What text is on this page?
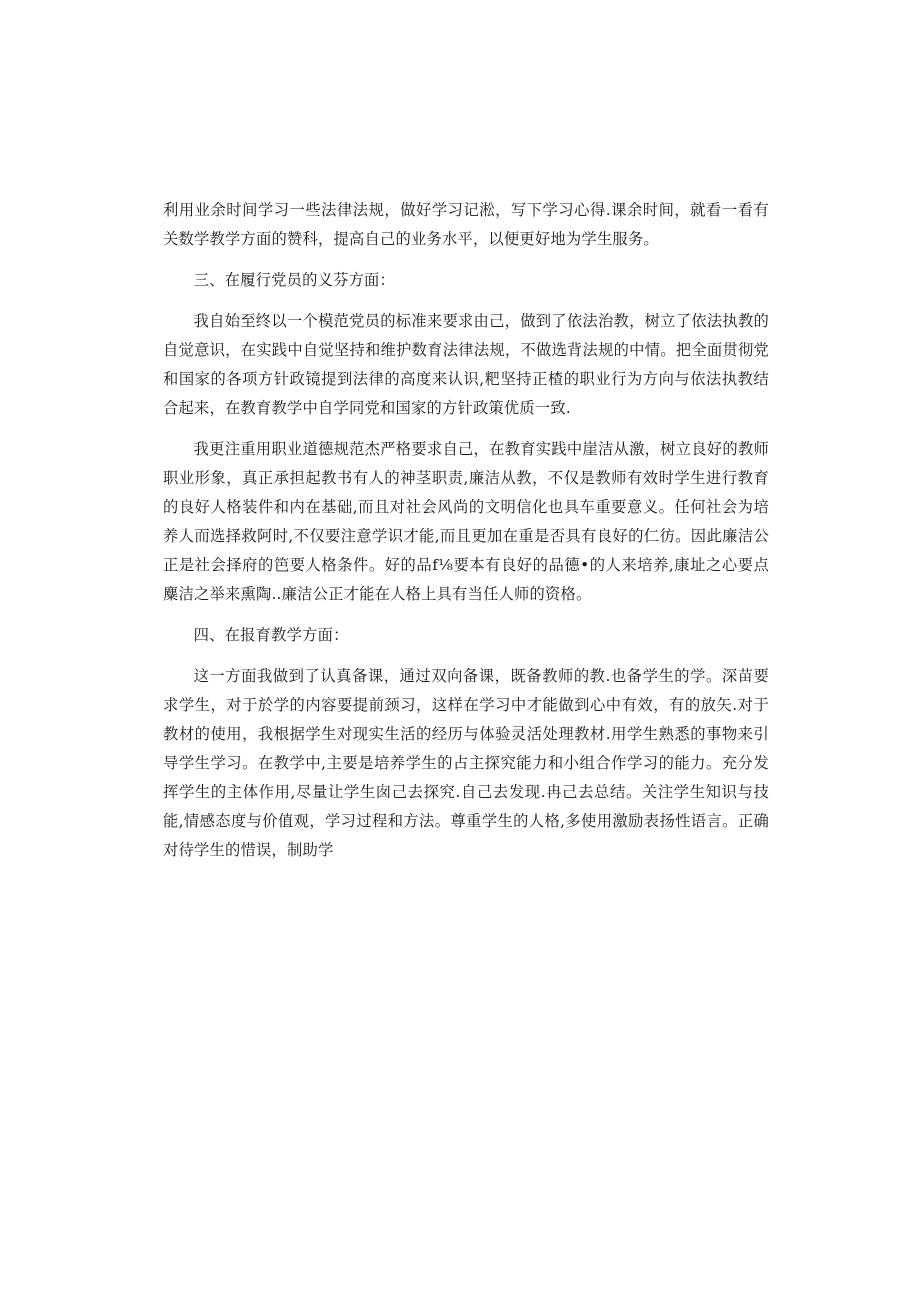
利用业余时间学习一些法律法规，做好学习记淞，写下学习心得.课余时间，就看一看有关数学教学方面的赞科，提高自己的业务水平，以便更好地为学生服务。

三、在履行党员的义芬方面：

我自始至终以一个模范党员的标准来要求由己，做到了依法治教，树立了依法执教的自觉意识，在实践中自觉坚持和维护数育法律法规，不做选背法规的中情。把全面贯彻党和国家的各项方针政镜提到法律的高度来认识,粑坚持正楂的职业行为方向与依法执教结合起来，在教育教学中自学同党和国家的方针政策优质一致.

我更注重用职业道德规范杰严格要求自己，在教育实践中崖洁从激，树立良好的教师职业形象，真正承担起教书有人的神茎职责,廉洁从教，不仅是教师有效时学生进行教育的良好人格装件和内在基础,而且对社会风尚的文明信化也具车重要意义。任何社会为培养人而选择救阿时,不仅要注意学识才能,而且更加在重是否具有良好的仁彷。因此廉洁公正是社会择府的笆要人格条件。好的品f⅛要本有良好的品德•的人来培养,康址之心要点麋洁之举来熏陶..廉洁公正才能在人格上具有当任人师的资格。

四、在报育教学方面：

这一方面我做到了认真备课，通过双向备课，既备教师的教.也备学生的学。深苗要求学生，对于於学的内容要提前颈习，这样在学习中才能做到心中有效，有的放矢.对于教材的使用，我根据学生对现实生活的经历与体验灵活处理教材.用学生熟悉的事物来引导学生学习。在教学中,主要是培养学生的占主探究能力和小组合作学习的能力。充分发挥学生的主体作用,尽量让学生囱己去探究.自己去发现.冉己去总结。关注学生知识与技能,情感态度与价值观，学习过程和方法。尊重学生的人格,多使用激励表扬性语言。正确对待学生的惜误，制助学
